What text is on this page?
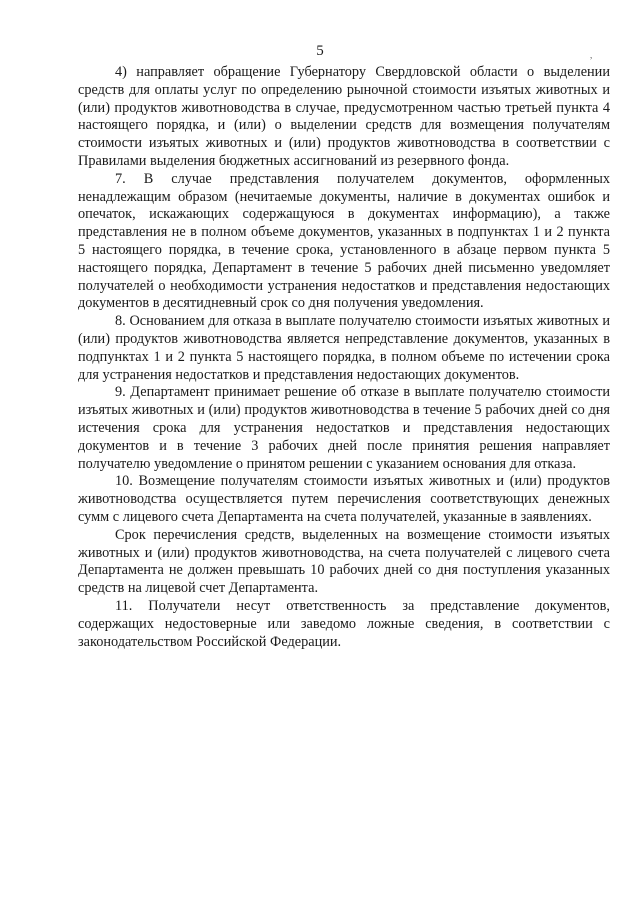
5	,

4) направляет обращение Губернатору Свердловской области о выделении средств для оплаты услуг по определению рыночной стоимости изъятых животных и (или) продуктов животноводства в случае, предусмотренном частью третьей пункта 4 настоящего порядка, и (или) о выделении средств для возмещения получателям стоимости изъятых животных и (или) продуктов животноводства в соответствии с Правилами выделения бюджетных ассигнований из резервного фонда.

7. В случае представления получателем документов, оформленных ненадлежащим образом (нечитаемые документы, наличие в документах ошибок и опечаток, искажающих содержащуюся в документах информацию), а также представления не в полном объеме документов, указанных в подпунктах 1 и 2 пункта 5 настоящего порядка, в течение срока, установленного в абзаце первом пункта 5 настоящего порядка, Департамент в течение 5 рабочих дней письменно уведомляет получателей о необходимости устранения недостатков и представления недостающих документов в десятидневный срок со дня получения уведомления.

8. Основанием для отказа в выплате получателю стоимости изъятых животных и (или) продуктов животноводства является непредставление документов, указанных в подпунктах 1 и 2 пункта 5 настоящего порядка, в полном объеме по истечении срока для устранения недостатков и представления недостающих документов.

9. Департамент принимает решение об отказе в выплате получателю стоимости изъятых животных и (или) продуктов животноводства в течение 5 рабочих дней со дня истечения срока для устранения недостатков и представления недостающих документов и в течение 3 рабочих дней после принятия решения направляет получателю уведомление о принятом решении с указанием основания для отказа.

10. Возмещение получателям стоимости изъятых животных и (или) продуктов животноводства осуществляется путем перечисления соответствующих денежных сумм с лицевого счета Департамента на счета получателей, указанные в заявлениях.

Срок перечисления средств, выделенных на возмещение стоимости изъятых животных и (или) продуктов животноводства, на счета получателей с лицевого счета Департамента не должен превышать 10 рабочих дней со дня поступления указанных средств на лицевой счет Департамента.

11. Получатели несут ответственность за представление документов, содержащих недостоверные или заведомо ложные сведения, в соответствии с законодательством Российской Федерации.
